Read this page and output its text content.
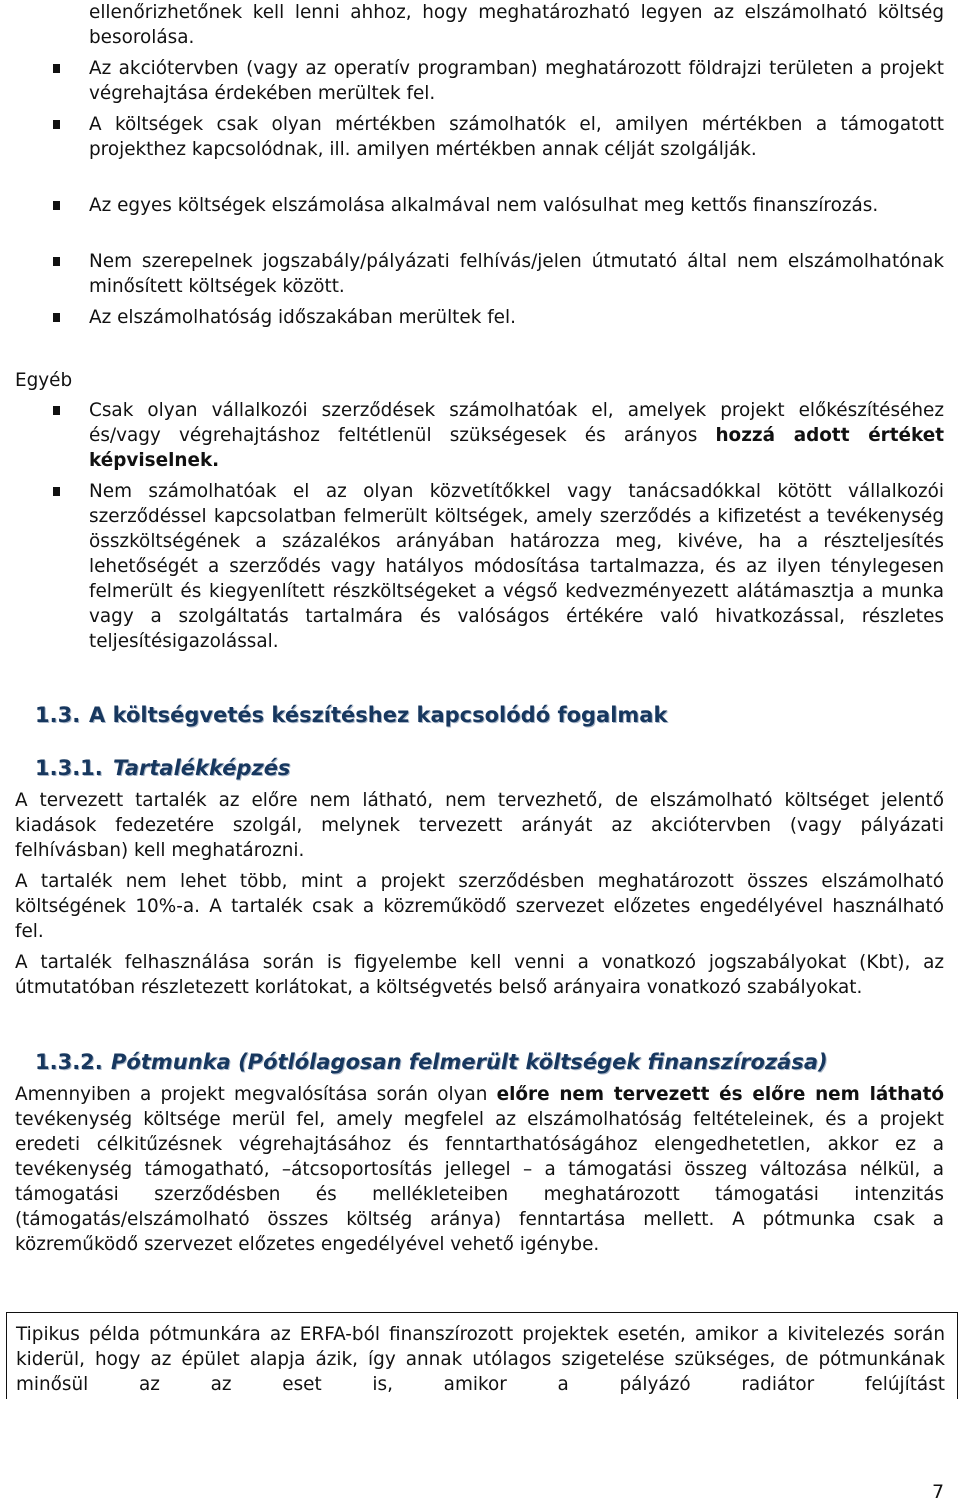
ellenőrizhetőnek kell lenni ahhoz, hogy meghatározható legyen az elszámolható költség besorolása.
Az akciótervben (vagy az operatív programban) meghatározott földrajzi területen a projekt végrehajtása érdekében merültek fel.
A költségek csak olyan mértékben számolhatók el, amilyen mértékben a támogatott projekthez kapcsolódnak, ill. amilyen mértékben annak célját szolgálják.
Az egyes költségek elszámolása alkalmával nem valósulhat meg kettős finanszírozás.
Nem szerepelnek jogszabály/pályázati felhívás/jelen útmutató által nem elszámolhatónak minősített költségek között.
Az elszámolhatóság időszakában merültek fel.
Egyéb
Csak olyan vállalkozói szerződések számolhatóak el, amelyek projekt előkészítéséhez és/vagy végrehajtáshoz feltétlenül szükségesek és arányos hozzá adott értéket képviselnek.
Nem számolhatóak el az olyan közvetítőkkel vagy tanácsadókkal kötött vállalkozói szerződéssel kapcsolatban felmerült költségek, amely szerződés a kifizetést a tevékenység összköltségének a százalékos arányában határozza meg, kivéve, ha a részteljesítés lehetőségét a szerződés vagy hatályos módosítása tartalmazza, és az ilyen ténylegesen felmerült és kiegyenlített részköltségeket a végső kedvezményezett alátámasztja a munka vagy a szolgáltatás tartalmára és valóságos értékére való hivatkozással, részletes teljesítésigazolással.
1.3. A költségvetés készítéshez kapcsolódó fogalmak
1.3.1. Tartalékképzés
A tervezett tartalék az előre nem látható, nem tervezhető, de elszámolható költséget jelentő kiadások fedezetére szolgál, melynek tervezett arányát az akciótervben (vagy pályázati felhívásban) kell meghatározni.
A tartalék nem lehet több, mint a projekt szerződésben meghatározott összes elszámolható költségének 10%-a. A tartalék csak a közreműködő szervezet előzetes engedélyével használható fel.
A tartalék felhasználása során is figyelembe kell venni a vonatkozó jogszabályokat (Kbt), az útmutatóban részletezett korlátokat, a költségvetés belső arányaira vonatkozó szabályokat.
1.3.2. Pótmunka (Pótlólagosan felmerült költségek finanszírozása)
Amennyiben a projekt megvalósítása során olyan előre nem tervezett és előre nem látható tevékenység költsége merül fel, amely megfelel az elszámolhatóság feltételeinek, és a projekt eredeti célkitűzésnek végrehajtásához és fenntarthatóságához elengedhetetlen, akkor ez a tevékenység támogatható, –átcsoportosítás jellegel – a támogatási összeg változása nélkül, a támogatási szerződésben és mellékleteiben meghatározott támogatási intenzitás (támogatás/elszámolható összes költség aránya) fenntartása mellett. A pótmunka csak a közreműködő szervezet előzetes engedélyével vehető igénybe.
Tipikus példa pótmunkára az ERFA-ból finanszírozott projektek esetén, amikor a kivitelezés során kiderül, hogy az épület alapja ázik, így annak utólagos szigetelése szükséges, de pótmunkának minősül az az eset is, amikor a pályázó radiátor felújítást
7
